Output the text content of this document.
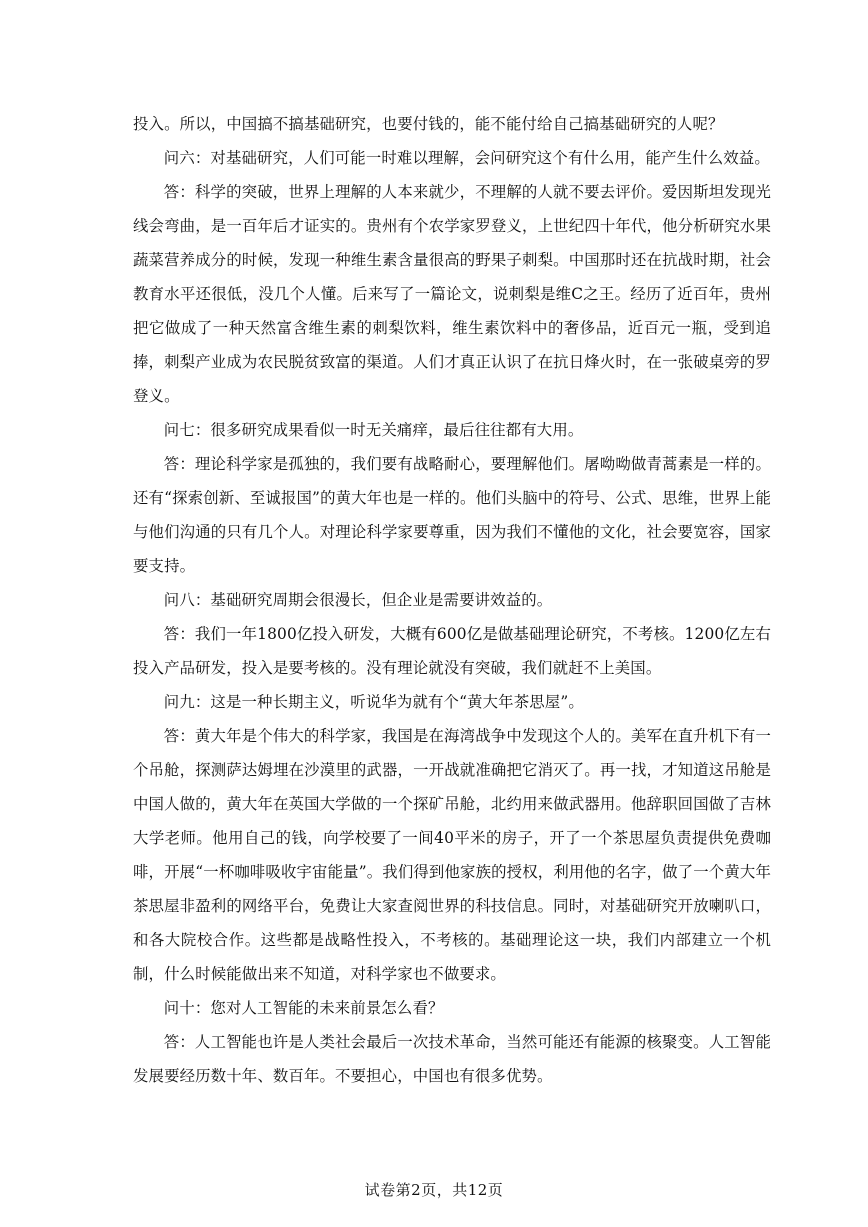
投入。所以，中国搞不搞基础研究，也要付钱的，能不能付给自己搞基础研究的人呢？

问六：对基础研究，人们可能一时难以理解，会问研究这个有什么用，能产生什么效益。

答：科学的突破，世界上理解的人本来就少，不理解的人就不要去评价。爱因斯坦发现光线会弯曲，是一百年后才证实的。贵州有个农学家罗登义，上世纪四十年代，他分析研究水果蔬菜营养成分的时候，发现一种维生素含量很高的野果子刺梨。中国那时还在抗战时期，社会教育水平还很低，没几个人懂。后来写了一篇论文，说刺梨是维C之王。经历了近百年，贵州把它做成了一种天然富含维生素的刺梨饮料，维生素饮料中的奢侈品，近百元一瓶，受到追捧，刺梨产业成为农民脱贫致富的渠道。人们才真正认识了在抗日烽火时，在一张破桌旁的罗登义。

问七：很多研究成果看似一时无关痛痒，最后往往都有大用。

答：理论科学家是孤独的，我们要有战略耐心，要理解他们。屠呦呦做青蒿素是一样的。还有“探索创新、至诚报国”的黄大年也是一样的。他们头脑中的符号、公式、思维，世界上能与他们沟通的只有几个人。对理论科学家要尊重，因为我们不懂他的文化，社会要宽容，国家要支持。

问八：基础研究周期会很漫长，但企业是需要讲效益的。

答：我们一年1800亿投入研发，大概有600亿是做基础理论研究，不考核。1200亿左右投入产品研发，投入是要考核的。没有理论就没有突破，我们就赶不上美国。

问九：这是一种长期主义，听说华为就有个“黄大年茶思屋”。

答：黄大年是个伟大的科学家，我国是在海湾战争中发现这个人的。美军在直升机下有一个吊舱，探测萨达姆埋在沙漠里的武器，一开战就准确把它消灭了。再一找，才知道这吊舱是中国人做的，黄大年在英国大学做的一个探矿吊舱，北约用来做武器用。他辞职回国做了吉林大学老师。他用自己的钱，向学校要了一间40平米的房子，开了一个茶思屋负责提供免费咖啡，开展“一杯咖啡吸收宇宙能量”。我们得到他家族的授权，利用他的名字，做了一个黄大年茶思屋非盈利的网络平台，免费让大家查阅世界的科技信息。同时，对基础研究开放喇叭口，和各大院校合作。这些都是战略性投入，不考核的。基础理论这一块，我们内部建立一个机制，什么时候能做出来不知道，对科学家也不做要求。

问十：您对人工智能的未来前景怎么看？

答：人工智能也许是人类社会最后一次技术革命，当然可能还有能源的核聚变。人工智能发展要经历数十年、数百年。不要担心，中国也有很多优势。

试卷第2页，共12页
